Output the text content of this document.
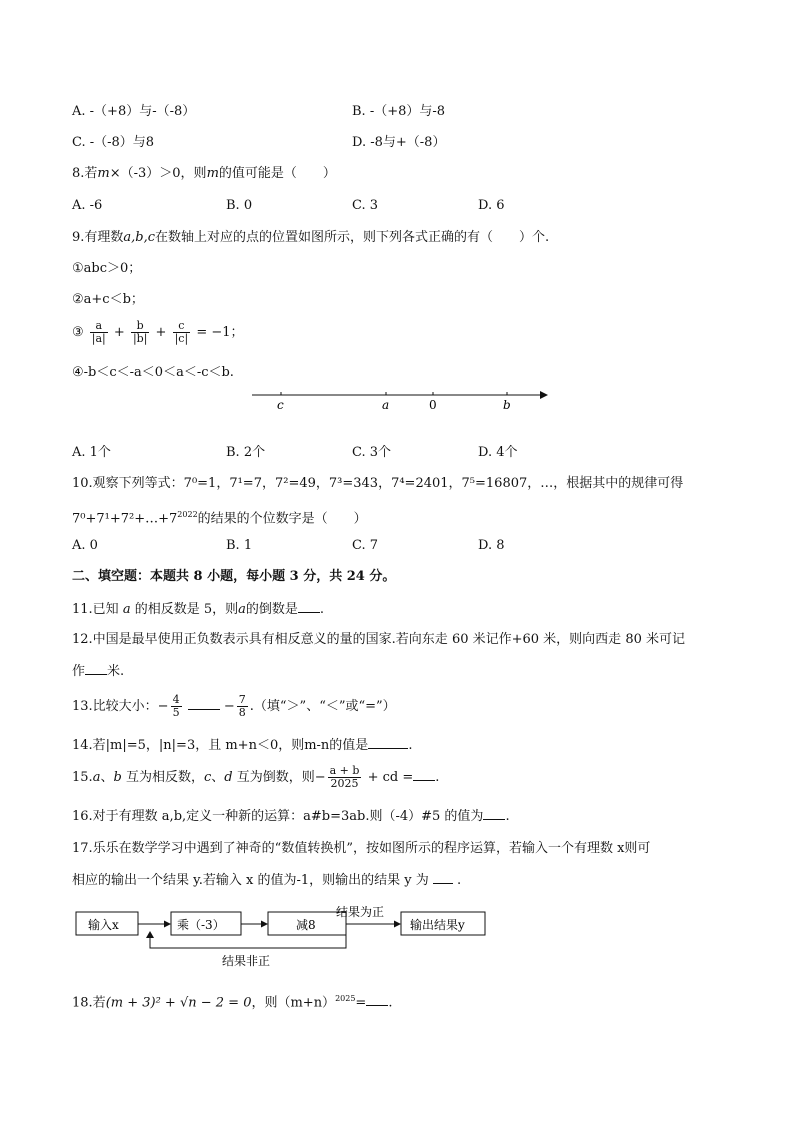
A. -（+8）与-（-8）	B. -（+8）与-8
C. -（-8）与8	D. -8与+（-8）
8.若m×（-3）＞0，则m的值可能是（　　）
A. -6	B. 0	C. 3	D. 6
9.有理数a,b,c在数轴上对应的点的位置如图所示，则下列各式正确的有（　　）个.
①abc＞0；
②a+c＜b；
③ $\frac{a}{|a|} + \frac{b}{|b|} + \frac{c}{|c|} = -1$；
④-b＜c＜-a＜0＜a＜-c＜b.
c	a	0	b
A. 1个	B. 2个	C. 3个	D. 4个
10.观察下列等式：7⁰=1，7¹=7，7²=49，7³=343，7⁴=2401，7⁵=16807，…，根据其中的规律可得
$7^0+7^1+7^2+\dots+7^{2022}$的结果的个位数字是（　　）
A. 0	B. 1	C. 7	D. 8
二、填空题：本题共 8 小题，每小题 3 分，共 24 分。
11.已知 a 的相反数是 5，则a的倒数是 .
12.中国是最早使用正负数表示具有相反意义的量的国家.若向东走 60 米记作+60 米，则向西走 80 米可记
作 米.
13.比较大小：− $\frac{4}{5}$	− $\frac{7}{8}$ .（填“＞”、“＜”或“=”）
14.若|m|=5，|n|=3，且 m+n＜0，则m-n的值是	.
15.a、b 互为相反数，c、d 互为倒数，则− $\frac{a + b}{2025}$ + cd = .
16.对于有理数 a,b,定义一种新的运算：a#b=3ab.则（-4）#5 的值为 .
17.乐乐在数学学习中遇到了神奇的“数值转换机”，按如图所示的程序运算，若输入一个有理数 x则可
相应的输出一个结果 y.若输入 x 的值为-1，则输出的结果 y 为 .
输入x	乘（-3）	减8
结果为正
输出结果y
结果非正
18.若(m + 3)² + √n − 2 = 0，则$(m+n)^{2025}=$ .
